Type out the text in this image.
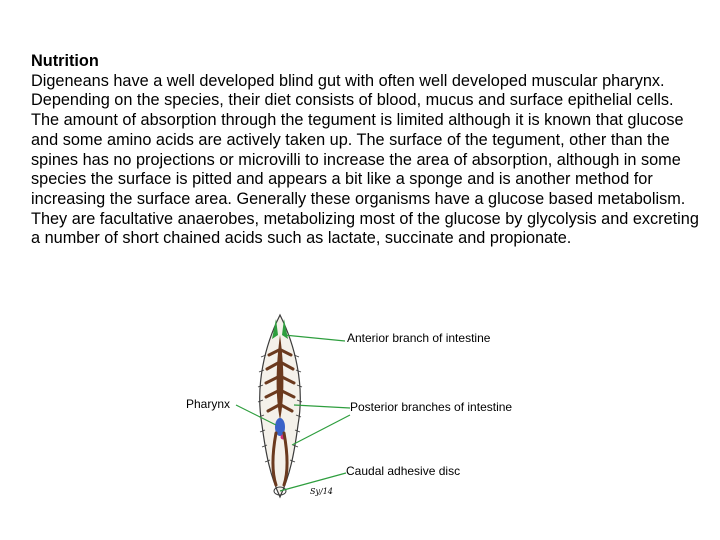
Nutrition

Digeneans have a well developed blind gut with often well developed muscular pharynx. Depending on the species, their diet consists of blood, mucus and surface epithelial cells. The amount of absorption through the tegument is limited although it is known that glucose and some amino acids are actively taken up. The surface of the tegument, other than the spines has no projections or microvilli to increase the area of absorption, although in some species the surface is pitted and appears a bit like a sponge and is another method for increasing the surface area. Generally these organisms have a glucose based metabolism. They are facultative anaerobes, metabolizing most of the glucose by glycolysis and excreting a number of short chained acids such as lactate, succinate and propionate.

Anterior branch of intestine
Pharynx	Posterior branches of intestine
Caudal adhesive disc
Sy/14
